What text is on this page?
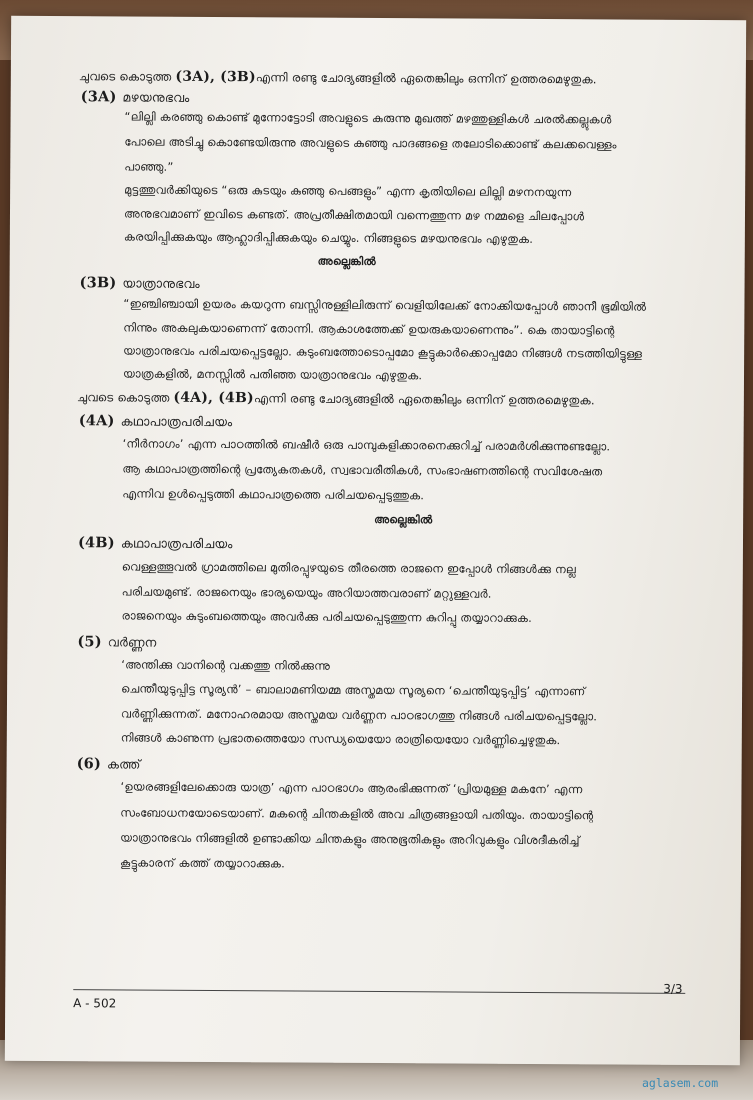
ചുവടെ കൊടുത്ത (3A), (3B)എന്നി രണ്ടു ചോദ്യങ്ങളിൽ ഏതെങ്കിലും ഒന്നിന് ഉത്തരമെഴുതുക.
(3A) മഴയനുഭവം
“ലില്ലി കരഞ്ഞു കൊണ്ട് മുന്നോട്ടോടി അവളുടെ കുരുന്നു മുഖത്ത് മഴത്തുള്ളികൾ ചരൽക്കല്ലുകൾ
പോലെ അടിച്ചു കൊണ്ടേയിരുന്നു അവളുടെ കുഞ്ഞു പാദങ്ങളെ തലോടിക്കൊണ്ട് കലക്കവെള്ളം
പാഞ്ഞു.”
മുട്ടത്തുവർക്കിയുടെ “ഒരു കുടയും കുഞ്ഞു പെങ്ങളും” എന്ന കൃതിയിലെ ലില്ലി മഴനനയുന്ന
അനുഭവമാണ് ഇവിടെ കണ്ടത്. അപ്രതീക്ഷിതമായി വന്നെത്തുന്ന മഴ നമ്മളെ ചിലപ്പോൾ
കരയിപ്പിക്കുകയും ആഹ്ലാദിപ്പിക്കുകയും ചെയ്യും. നിങ്ങളുടെ മഴയനുഭവം എഴുതുക.
അല്ലെങ്കിൽ
(3B) യാത്രാനുഭവം
“ഇഞ്ചിഞ്ചായി ഉയരം കയറുന്ന ബസ്സിനുള്ളിലിരുന്ന് വെളിയിലേക്ക് നോക്കിയപ്പോൾ ഞാനീ ഭൂമിയിൽ
നിന്നും അകലുകയാണെന്ന് തോന്നി. ആകാശത്തേക്ക് ഉയരുകയാണെന്നും”. കെ തായാട്ടിന്റെ
യാത്രാനുഭവം പരിചയപ്പെട്ടല്ലോ. കുടുംബത്തോടൊപ്പമോ കൂട്ടുകാർക്കൊപ്പമോ നിങ്ങൾ നടത്തിയിട്ടുള്ള
യാത്രകളിൽ, മനസ്സിൽ പതിഞ്ഞ യാത്രാനുഭവം എഴുതുക.
ചുവടെ കൊടുത്ത (4A), (4B)എന്നി രണ്ടു ചോദ്യങ്ങളിൽ ഏതെങ്കിലും ഒന്നിന് ഉത്തരമെഴുതുക.
(4A) കഥാപാത്രപരിചയം
‘നീർനാഗം’ എന്ന പാഠത്തിൽ ബഷീർ ഒരു പാമ്പുകളിക്കാരനെക്കുറിച്ച് പരാമർശിക്കുന്നുണ്ടല്ലോ.
ആ കഥാപാത്രത്തിന്റെ പ്രത്യേകതകൾ, സ്വഭാവരീതികൾ, സംഭാഷണത്തിന്റെ സവിശേഷത
എന്നിവ ഉൾപ്പെടുത്തി കഥാപാത്രത്തെ പരിചയപ്പെടുത്തുക.
അല്ലെങ്കിൽ
(4B) കഥാപാത്രപരിചയം
വെള്ളത്തൂവൽ ഗ്രാമത്തിലെ മുതിരപ്പുഴയുടെ തീരത്തെ രാജനെ ഇപ്പോൾ നിങ്ങൾക്കു നല്ല
പരിചയമുണ്ട്. രാജനെയും ഭാര്യയെയും അറിയാത്തവരാണ് മറ്റുള്ളവർ.
രാജനെയും കുടുംബത്തെയും അവർക്കു പരിചയപ്പെടുത്തുന്ന കുറിപ്പു തയ്യാറാക്കുക.
(5) വർണ്ണന
‘അന്തിക്കു വാനിന്റെ വക്കത്തു നിൽക്കുന്നു
ചെന്തീയുടുപ്പിട്ട സൂര്യൻ’ – ബാലാമണിയമ്മ അസ്തമയ സൂര്യനെ ‘ചെന്തീയുടുപ്പിട്ട’ എന്നാണ്
വർണ്ണിക്കുന്നത്. മനോഹരമായ അസ്തമയ വർണ്ണന പാഠഭാഗത്തു നിങ്ങൾ പരിചയപ്പെട്ടല്ലോ.
നിങ്ങൾ കാണുന്ന പ്രഭാതത്തെയോ സന്ധ്യയെയോ രാത്രിയെയോ വർണ്ണിച്ചെഴുതുക.
(6) കത്ത്
‘ഉയരങ്ങളിലേക്കൊരു യാത്ര’ എന്ന പാഠഭാഗം ആരംഭിക്കുന്നത് ‘പ്രിയമുള്ള മകനേ’ എന്ന
സംബോധനയോടെയാണ്. മകന്റെ ചിന്തകളിൽ അവ ചിത്രങ്ങളായി പതിയും. തായാട്ടിന്റെ
യാത്രാനുഭവം നിങ്ങളിൽ ഉണ്ടാക്കിയ ചിന്തകളും അനുഭൂതികളും അറിവുകളും വിശദീകരിച്ച്
കൂട്ടുകാരന് കത്ത് തയ്യാറാക്കുക.
3/3
A - 502
aglasem.com
